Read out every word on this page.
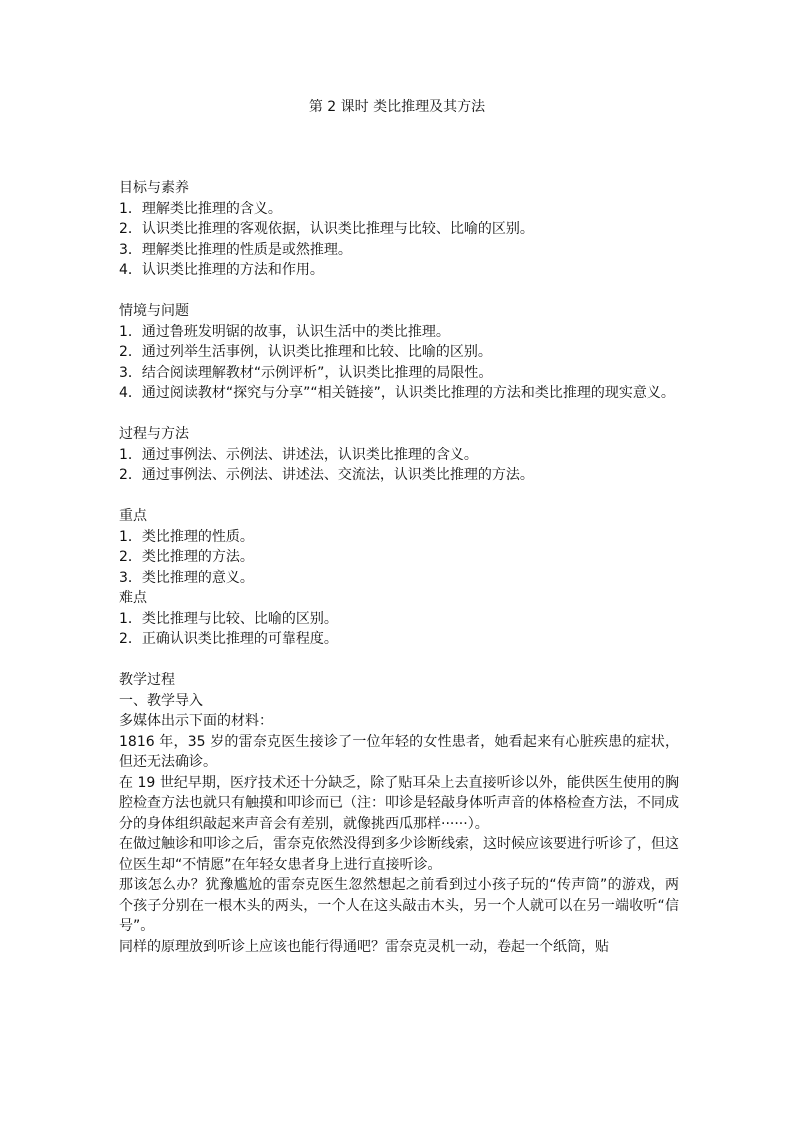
第 2 课时 类比推理及其方法

目标与素养

1．理解类比推理的含义。

2．认识类比推理的客观依据，认识类比推理与比较、比喻的区别。

3．理解类比推理的性质是或然推理。

4．认识类比推理的方法和作用。

情境与问题

1．通过鲁班发明锯的故事，认识生活中的类比推理。

2．通过列举生活事例，认识类比推理和比较、比喻的区别。

3．结合阅读理解教材“示例评析”，认识类比推理的局限性。

4．通过阅读教材“探究与分享”“相关链接”，认识类比推理的方法和类比推理的现实意义。

过程与方法

1．通过事例法、示例法、讲述法，认识类比推理的含义。

2．通过事例法、示例法、讲述法、交流法，认识类比推理的方法。

重点

1．类比推理的性质。

2．类比推理的方法。

3．类比推理的意义。

难点

1．类比推理与比较、比喻的区别。

2．正确认识类比推理的可靠程度。

教学过程

一、教学导入

多媒体出示下面的材料：

1816 年，35 岁的雷奈克医生接诊了一位年轻的女性患者，她看起来有心脏疾患的症状，但还无法确诊。

在 19 世纪早期，医疗技术还十分缺乏，除了贴耳朵上去直接听诊以外，能供医生使用的胸腔检查方法也就只有触摸和叩诊而已（注：叩诊是轻敲身体听声音的体格检查方法，不同成分的身体组织敲起来声音会有差别，就像挑西瓜那样······）。

在做过触诊和叩诊之后，雷奈克依然没得到多少诊断线索，这时候应该要进行听诊了，但这位医生却“不情愿”在年轻女患者身上进行直接听诊。

那该怎么办？犹豫尴尬的雷奈克医生忽然想起之前看到过小孩子玩的“传声筒”的游戏，两个孩子分别在一根木头的两头，一个人在这头敲击木头，另一个人就可以在另一端收听“信号”。

同样的原理放到听诊上应该也能行得通吧？雷奈克灵机一动，卷起一个纸筒，贴
